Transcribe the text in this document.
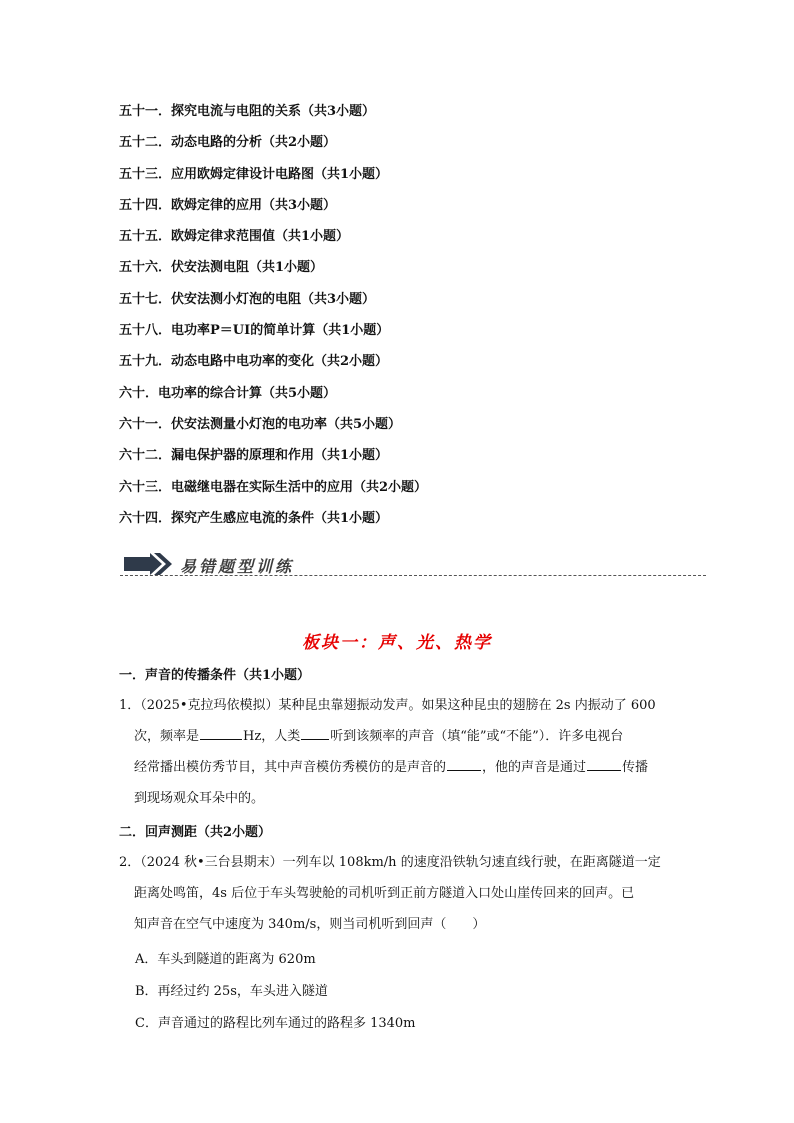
五十一．探究电流与电阻的关系（共3小题）
五十二．动态电路的分析（共2小题）
五十三．应用欧姆定律设计电路图（共1小题）
五十四．欧姆定律的应用（共3小题）
五十五．欧姆定律求范围值（共1小题）
五十六．伏安法测电阻（共1小题）
五十七．伏安法测小灯泡的电阻（共3小题）
五十八．电功率P＝UI的简单计算（共1小题）
五十九．动态电路中电功率的变化（共2小题）
六十．电功率的综合计算（共5小题）
六十一．伏安法测量小灯泡的电功率（共5小题）
六十二．漏电保护器的原理和作用（共1小题）
六十三．电磁继电器在实际生活中的应用（共2小题）
六十四．探究产生感应电流的条件（共1小题）
易错题型训练
板块一：声、光、热学
一．声音的传播条件（共1小题）

1．（2025•克拉玛依模拟）某种昆虫靠翅振动发声。如果这种昆虫的翅膀在 2s 内振动了 600

次，频率是	Hz，人类 听到该频率的声音（填“能”或“不能”）．许多电视台

经常播出模仿秀节目，其中声音模仿秀模仿的是声音的	，他的声音是通过	传播

到现场观众耳朵中的。

二．回声测距（共2小题）

2．（2024 秋•三台县期末）一列车以 108km/h 的速度沿铁轨匀速直线行驶，在距离隧道一定

距离处鸣笛，4s 后位于车头驾驶舱的司机听到正前方隧道入口处山崖传回来的回声。已

知声音在空气中速度为 340m/s，则当司机听到回声（　　）

A．车头到隧道的距离为 620m
B．再经过约 25s，车头进入隧道
C．声音通过的路程比列车通过的路程多 1340m
